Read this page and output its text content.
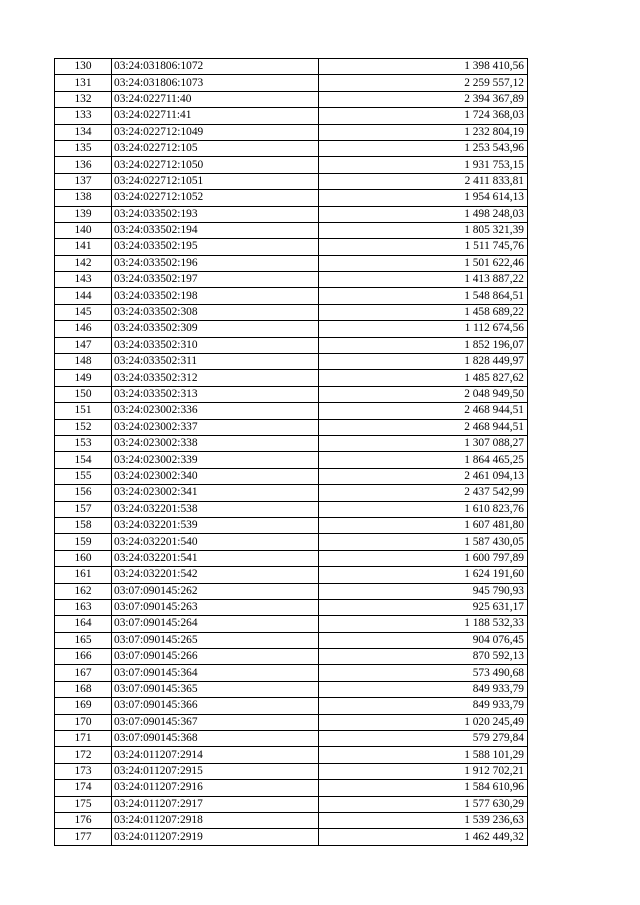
130	03:24:031806:1072	1 398 410,56
131	03:24:031806:1073	2 259 557,12
132	03:24:022711:40	2 394 367,89
133	03:24:022711:41	1 724 368,03
134	03:24:022712:1049	1 232 804,19
135	03:24:022712:105	1 253 543,96
136	03:24:022712:1050	1 931 753,15
137	03:24:022712:1051	2 411 833,81
138	03:24:022712:1052	1 954 614,13
139	03:24:033502:193	1 498 248,03
140	03:24:033502:194	1 805 321,39
141	03:24:033502:195	1 511 745,76
142	03:24:033502:196	1 501 622,46
143	03:24:033502:197	1 413 887,22
144	03:24:033502:198	1 548 864,51
145	03:24:033502:308	1 458 689,22
146	03:24:033502:309	1 112 674,56
147	03:24:033502:310	1 852 196,07
148	03:24:033502:311	1 828 449,97
149	03:24:033502:312	1 485 827,62
150	03:24:033502:313	2 048 949,50
151	03:24:023002:336	2 468 944,51
152	03:24:023002:337	2 468 944,51
153	03:24:023002:338	1 307 088,27
154	03:24:023002:339	1 864 465,25
155	03:24:023002:340	2 461 094,13
156	03:24:023002:341	2 437 542,99
157	03:24:032201:538	1 610 823,76
158	03:24:032201:539	1 607 481,80
159	03:24:032201:540	1 587 430,05
160	03:24:032201:541	1 600 797,89
161	03:24:032201:542	1 624 191,60
162	03:07:090145:262	945 790,93
163	03:07:090145:263	925 631,17
164	03:07:090145:264	1 188 532,33
165	03:07:090145:265	904 076,45
166	03:07:090145:266	870 592,13
167	03:07:090145:364	573 490,68
168	03:07:090145:365	849 933,79
169	03:07:090145:366	849 933,79
170	03:07:090145:367	1 020 245,49
171	03:07:090145:368	579 279,84
172	03:24:011207:2914	1 588 101,29
173	03:24:011207:2915	1 912 702,21
174	03:24:011207:2916	1 584 610,96
175	03:24:011207:2917	1 577 630,29
176	03:24:011207:2918	1 539 236,63
177	03:24:011207:2919	1 462 449,32
